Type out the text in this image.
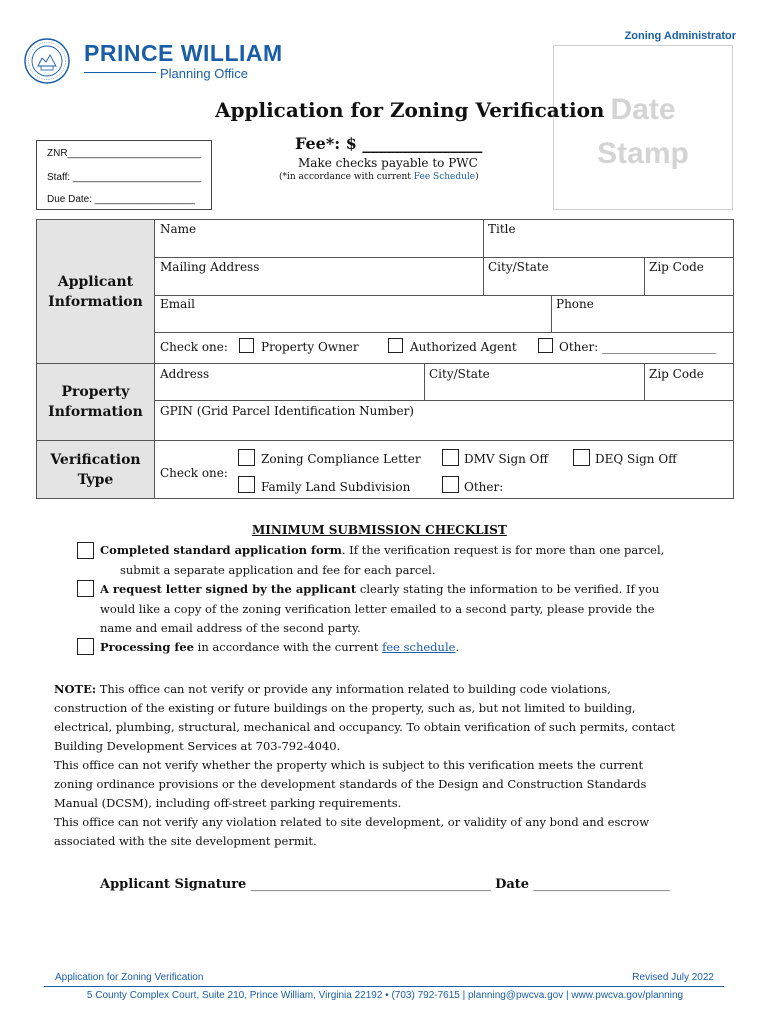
Zoning Administrator
PRINCE WILLIAM
Planning Office
Date
Stamp
Application for Zoning Verification
Fee*: $ _______________
Make checks payable to PWC
(*in accordance with current Fee Schedule)
ZNR________________________
Staff: _______________________
Due Date: __________________
Applicant
Information
Property
Information
Verification
Type
Name	Title
Mailing Address	City/State	Zip Code
Email	Phone
Check one:	Property Owner	Authorized Agent	Other: ___________________
Address	City/State	Zip Code
GPIN (Grid Parcel Identification Number)
Check one:
Zoning Compliance Letter	DMV Sign Off	DEQ Sign Off
Family Land Subdivision	Other:
MINIMUM SUBMISSION CHECKLIST
Completed standard application form. If the verification request is for more than one parcel,
submit a separate application and fee for each parcel.
A request letter signed by the applicant clearly stating the information to be verified. If you
would like a copy of the zoning verification letter emailed to a second party, please provide the
name and email address of the second party.
Processing fee in accordance with the current fee schedule.
NOTE: This office can not verify or provide any information related to building code violations, construction of the existing or future buildings on the property, such as, but not limited to building, electrical, plumbing, structural, mechanical and occupancy. To obtain verification of such permits, contact Building Development Services at 703-792-4040.
This office can not verify whether the property which is subject to this verification meets the current zoning ordinance provisions or the development standards of the Design and Construction Standards Manual (DCSM), including off-street parking requirements.
This office can not verify any violation related to site development, or validity of any bond and escrow associated with the site development permit.
Applicant Signature _____________________________________ Date _____________________
Application for Zoning Verification	Revised July 2022
5 County Complex Court, Suite 210, Prince William, Virginia 22192 • (703) 792-7615 | planning@pwcva.gov | www.pwcva.gov/planning
